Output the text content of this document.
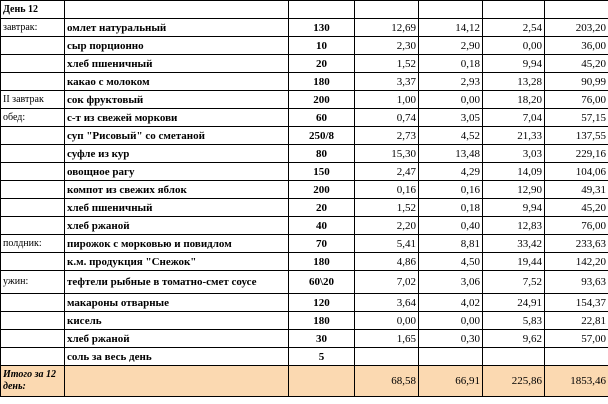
День 12						
завтрак:	омлет натуральный	130	12,69	14,12	2,54	203,20
	сыр порционно	10	2,30	2,90	0,00	36,00
	хлеб пшеничный	20	1,52	0,18	9,94	45,20
	какао с молоком	180	3,37	2,93	13,28	90,99
II завтрак	сок фруктовый	200	1,00	0,00	18,20	76,00
обед:	с-т из свежей моркови	60	0,74	3,05	7,04	57,15
	суп "Рисовый" со сметаной	250/8	2,73	4,52	21,33	137,55
	суфле из кур	80	15,30	13,48	3,03	229,16
	овощное рагу	150	2,47	4,29	14,09	104,06
	компот из свежих яблок	200	0,16	0,16	12,90	49,31
	хлеб пшеничный	20	1,52	0,18	9,94	45,20
	хлеб ржаной	40	2,20	0,40	12,83	76,00
полдник:	пирожок с морковью и повидлом	70	5,41	8,81	33,42	233,63
	к.м. продукция "Снежок"	180	4,86	4,50	19,44	142,20
ужин:	тефтели рыбные в томатно-смет соусе	60\20	7,02	3,06	7,52	93,63
	макароны отварные	120	3,64	4,02	24,91	154,37
	кисель	180	0,00	0,00	5,83	22,81
	хлеб ржаной	30	1,65	0,30	9,62	57,00
	соль за весь день	5				
Итого за 12 день:			68,58	66,91	225,86	1853,46
